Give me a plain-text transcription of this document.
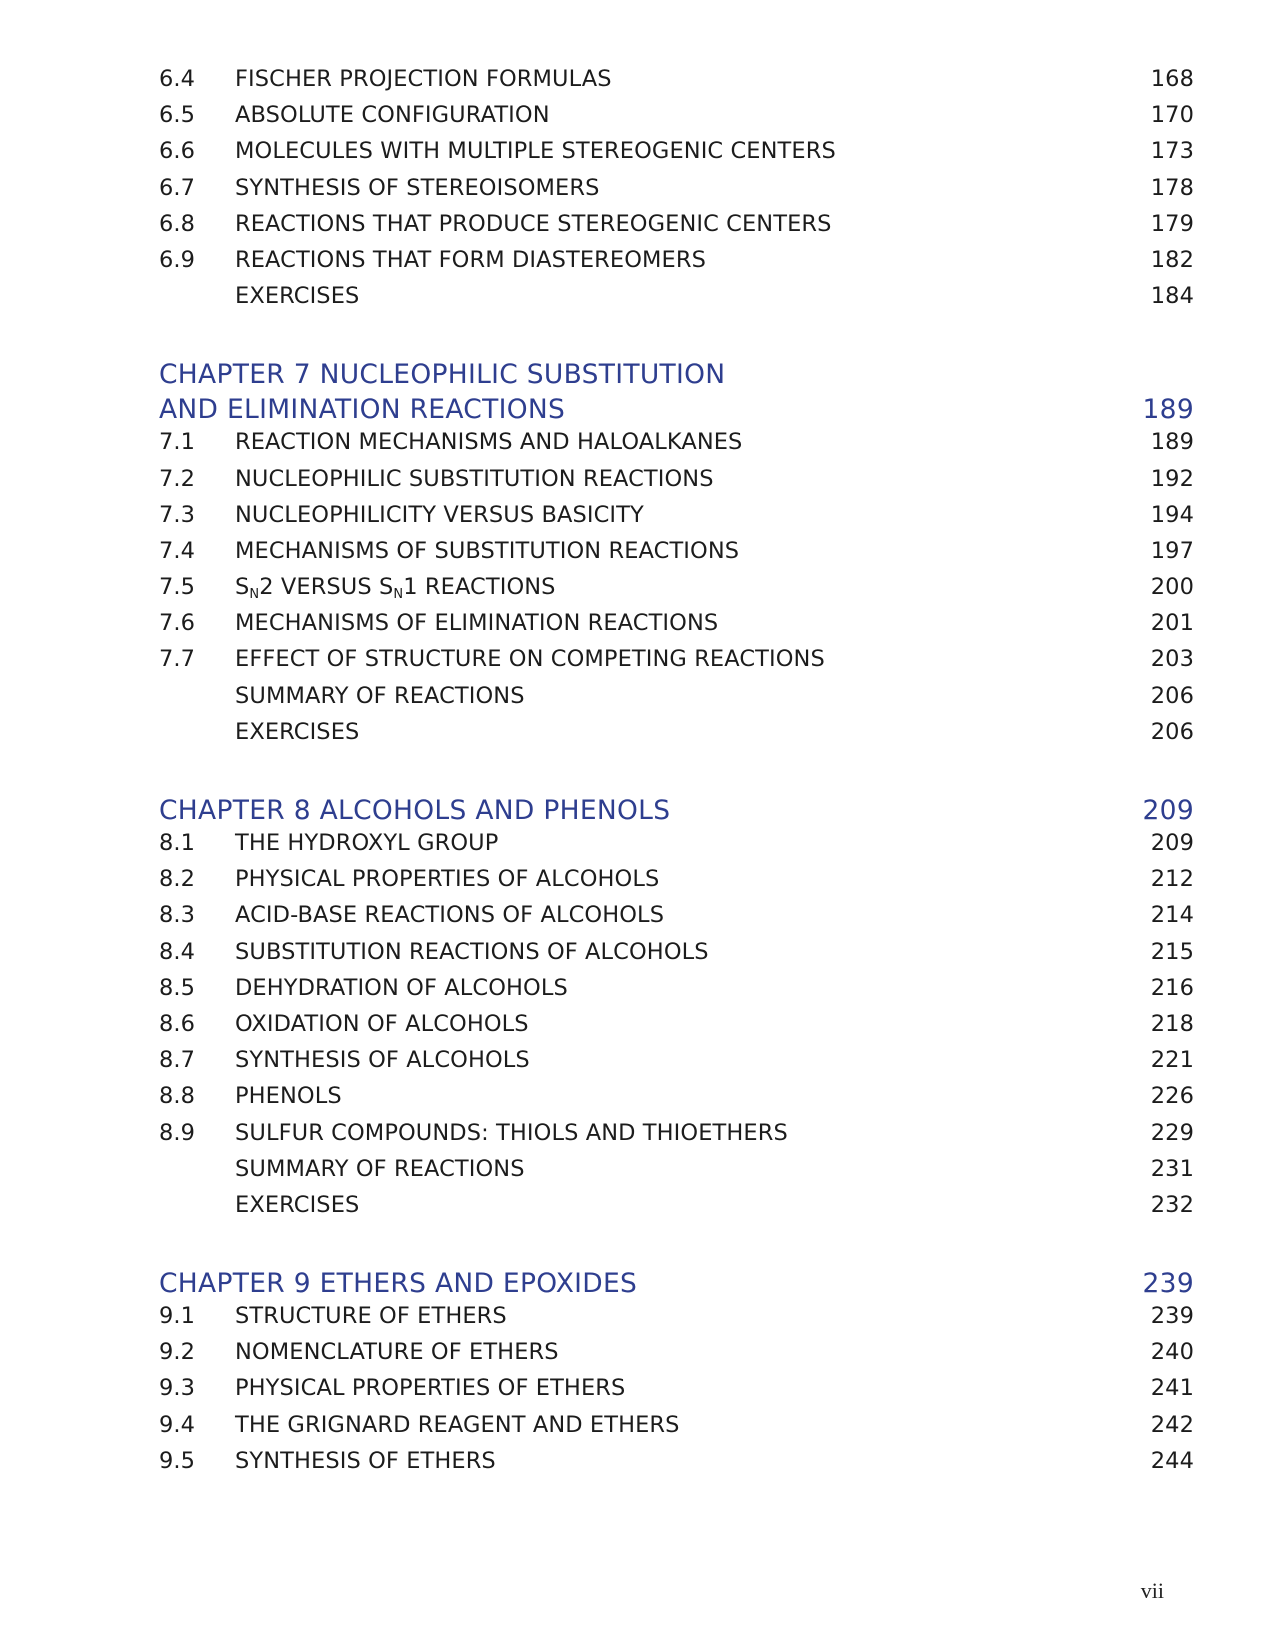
6.4	FISCHER PROJECTION FORMULAS	168
6.5	ABSOLUTE CONFIGURATION	170
6.6	MOLECULES WITH MULTIPLE STEREOGENIC CENTERS	173
6.7	SYNTHESIS OF STEREOISOMERS	178
6.8	REACTIONS THAT PRODUCE STEREOGENIC CENTERS	179
6.9	REACTIONS THAT FORM DIASTEREOMERS	182
EXERCISES	184
CHAPTER 7 NUCLEOPHILIC SUBSTITUTION
AND ELIMINATION REACTIONS	189
7.1	REACTION MECHANISMS AND HALOALKANES	189
7.2	NUCLEOPHILIC SUBSTITUTION REACTIONS	192
7.3	NUCLEOPHILICITY VERSUS BASICITY	194
7.4	MECHANISMS OF SUBSTITUTION REACTIONS	197
7.5	$S_N2$ VERSUS $S_N1$ REACTIONS	200
7.6	MECHANISMS OF ELIMINATION REACTIONS	201
7.7	EFFECT OF STRUCTURE ON COMPETING REACTIONS	203
SUMMARY OF REACTIONS	206
EXERCISES	206
CHAPTER 8 ALCOHOLS AND PHENOLS	209
8.1	THE HYDROXYL GROUP	209
8.2	PHYSICAL PROPERTIES OF ALCOHOLS	212
8.3	ACID-BASE REACTIONS OF ALCOHOLS	214
8.4	SUBSTITUTION REACTIONS OF ALCOHOLS	215
8.5	DEHYDRATION OF ALCOHOLS	216
8.6	OXIDATION OF ALCOHOLS	218
8.7	SYNTHESIS OF ALCOHOLS	221
8.8	PHENOLS	226
8.9	SULFUR COMPOUNDS: THIOLS AND THIOETHERS	229
SUMMARY OF REACTIONS	231
EXERCISES	232
CHAPTER 9 ETHERS AND EPOXIDES	239
9.1	STRUCTURE OF ETHERS	239
9.2	NOMENCLATURE OF ETHERS	240
9.3	PHYSICAL PROPERTIES OF ETHERS	241
9.4	THE GRIGNARD REAGENT AND ETHERS	242
9.5	SYNTHESIS OF ETHERS	244
vii
